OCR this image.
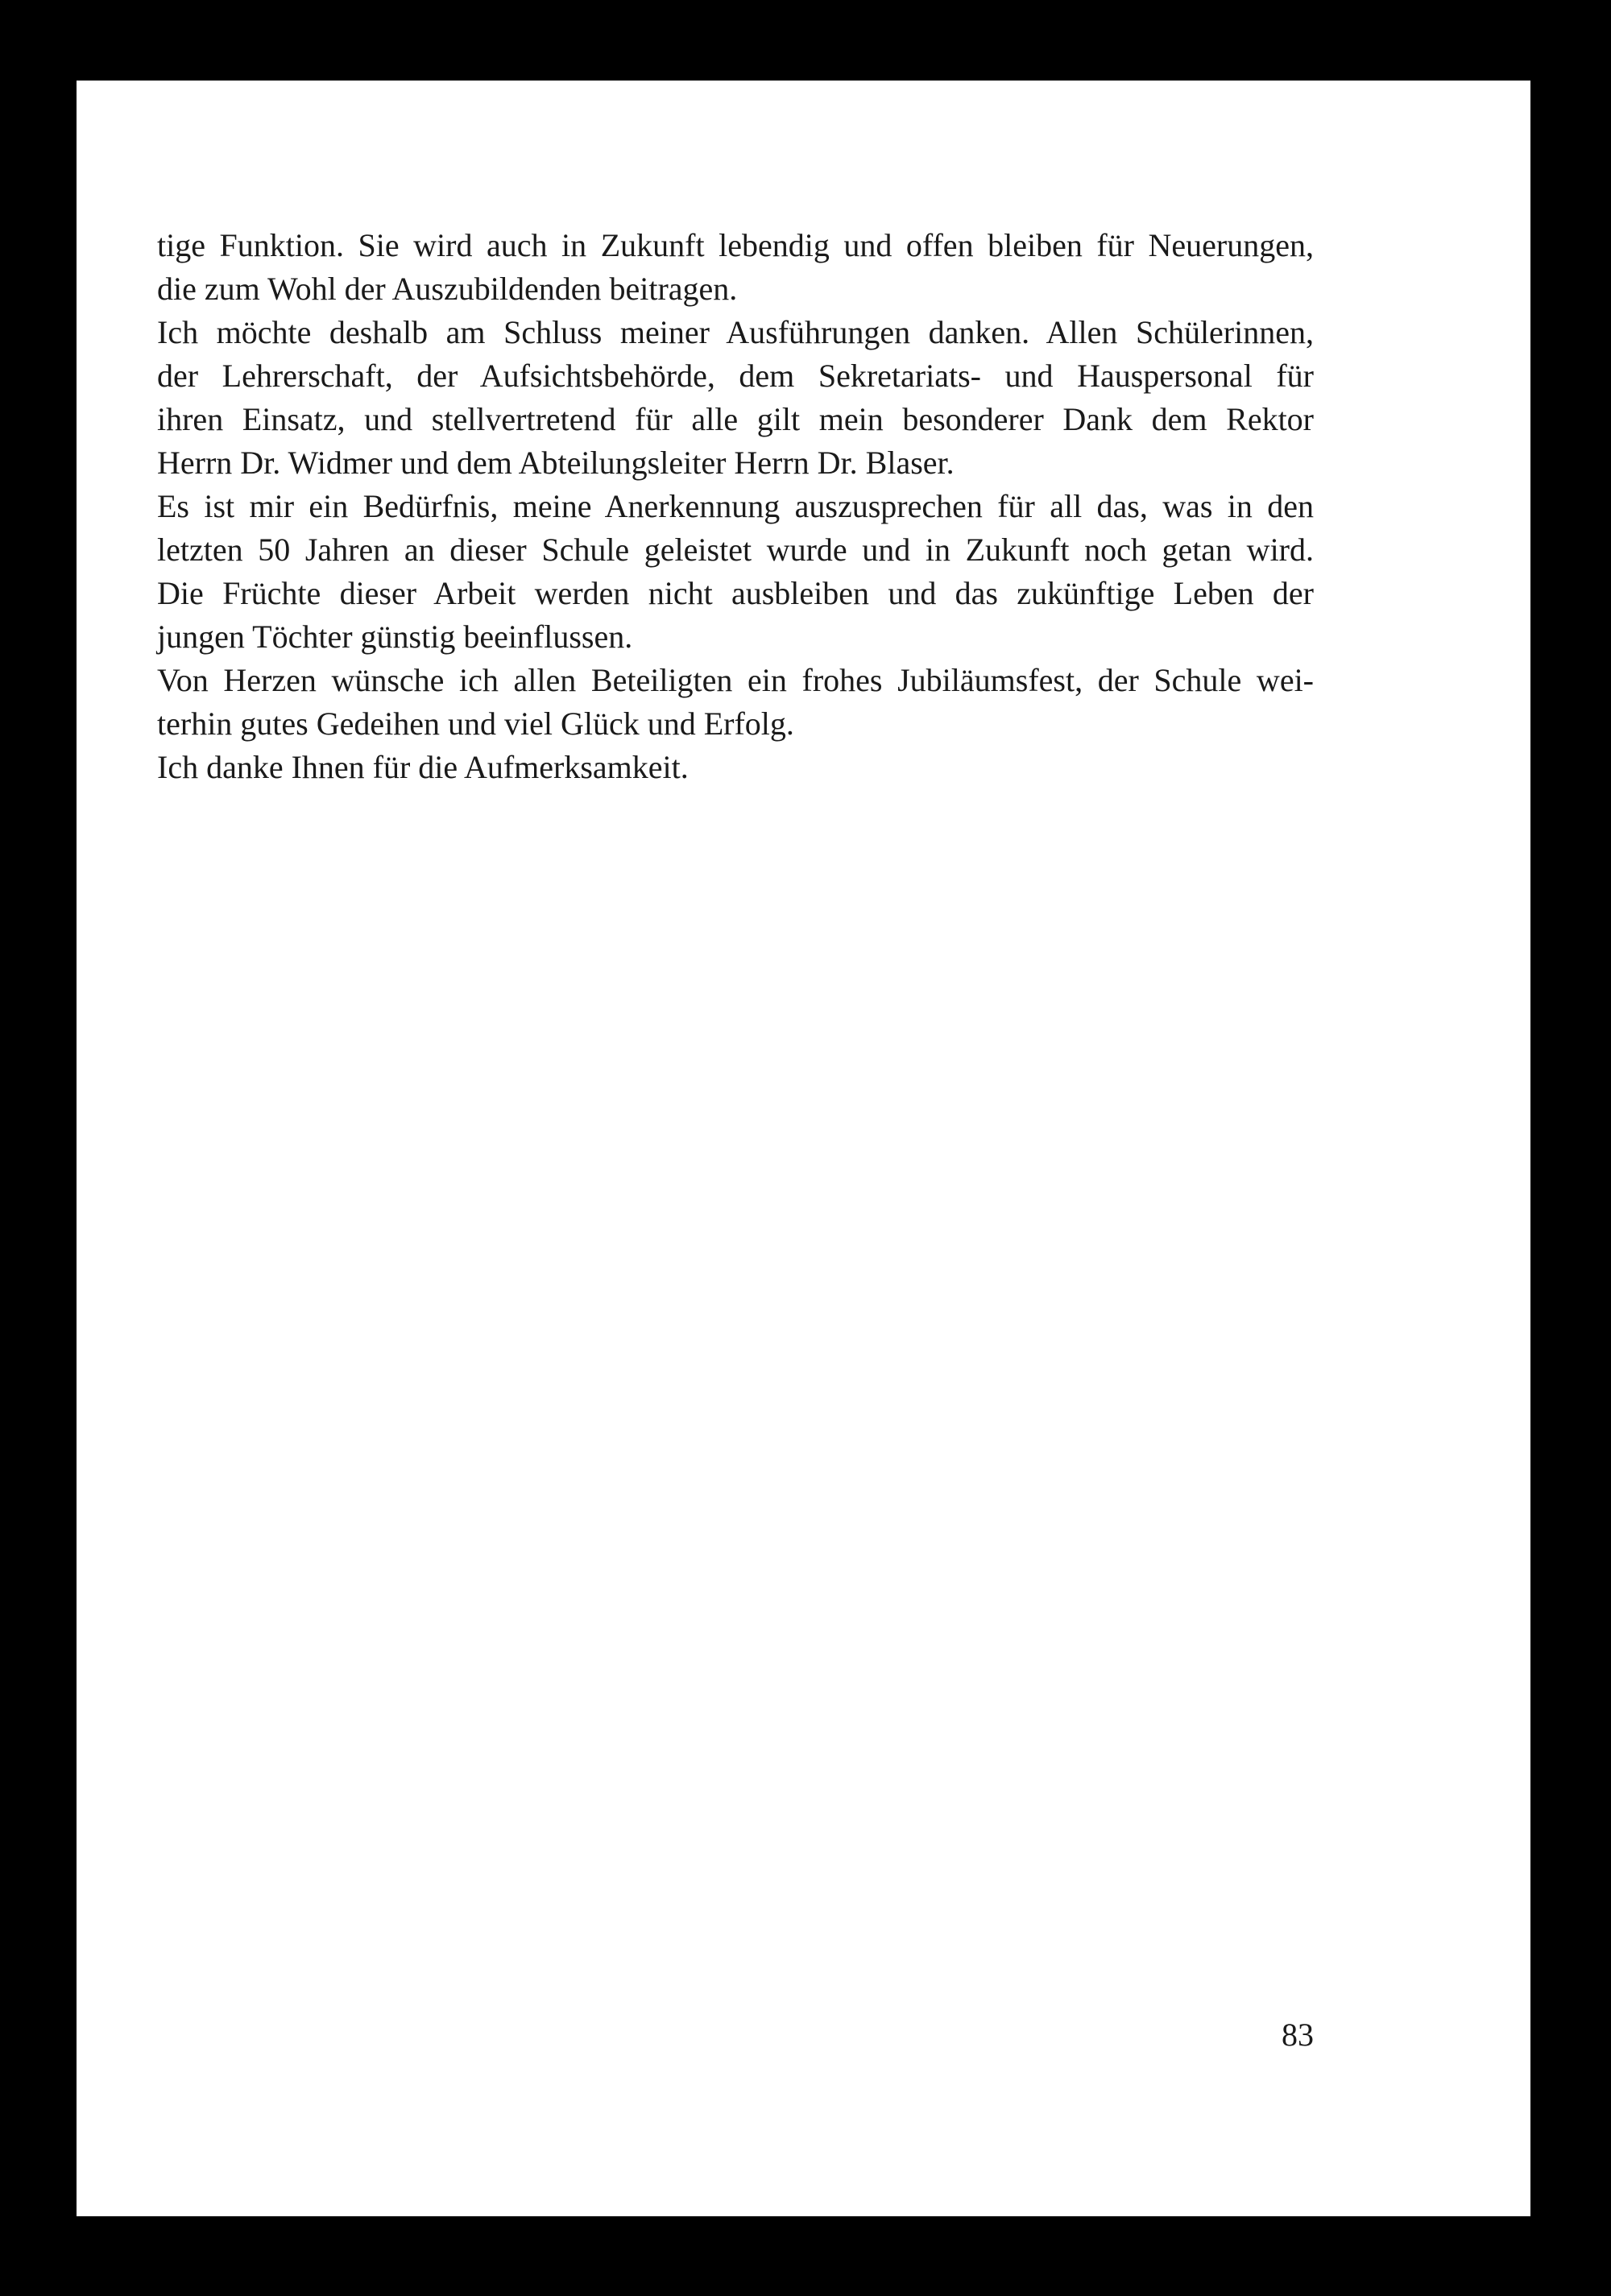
tige Funktion. Sie wird auch in Zukunft lebendig und offen bleiben für Neuerungen,
die zum Wohl der Auszubildenden beitragen.
Ich möchte deshalb am Schluss meiner Ausführungen danken. Allen Schülerinnen,
der Lehrerschaft, der Aufsichtsbehörde, dem Sekretariats- und Hauspersonal für
ihren Einsatz, und stellvertretend für alle gilt mein besonderer Dank dem Rektor
Herrn Dr. Widmer und dem Abteilungsleiter Herrn Dr. Blaser.
Es ist mir ein Bedürfnis, meine Anerkennung auszusprechen für all das, was in den
letzten 50 Jahren an dieser Schule geleistet wurde und in Zukunft noch getan wird.
Die Früchte dieser Arbeit werden nicht ausbleiben und das zukünftige Leben der
jungen Töchter günstig beeinflussen.
Von Herzen wünsche ich allen Beteiligten ein frohes Jubiläumsfest, der Schule wei-
terhin gutes Gedeihen und viel Glück und Erfolg.
Ich danke Ihnen für die Aufmerksamkeit.
83
